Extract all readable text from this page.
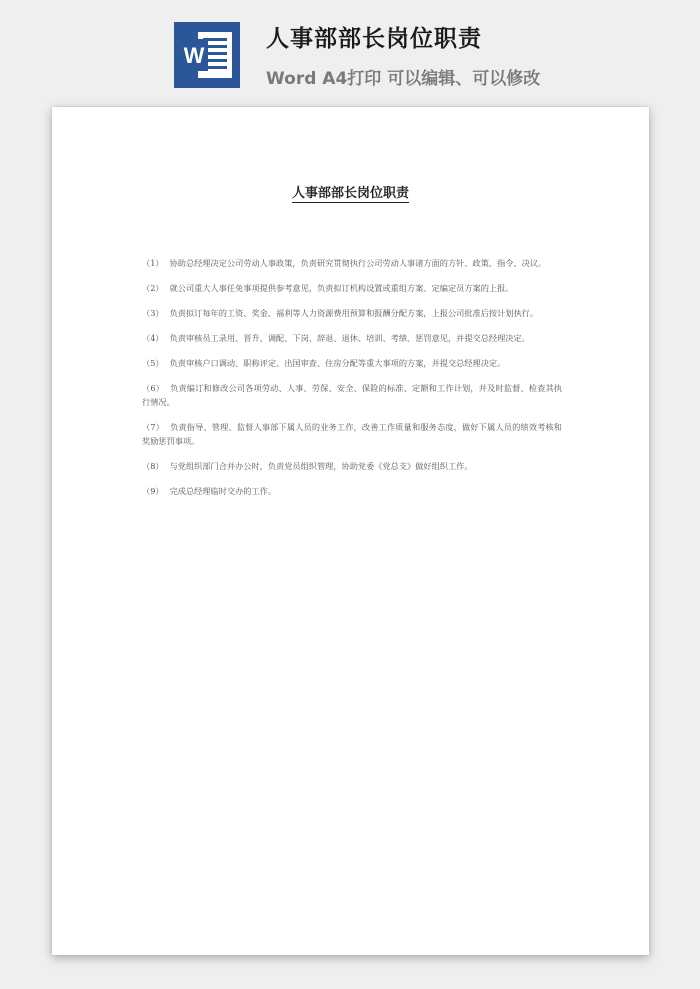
W
人事部部长岗位职责
Word A4打印 可以编辑、可以修改
人事部部长岗位职责
（1） 协助总经理决定公司劳动人事政策，负责研究贯彻执行公司劳动人事诸方面的方针、政策、指令、决议。
（2） 就公司重大人事任免事项提供参考意见，负责拟订机构设置或重组方案、定编定员方案的上报。
（3） 负责拟订每年的工资、奖金、福利等人力资源费用预算和报酬分配方案，上报公司批准后按计划执行。
（4） 负责审核员工录用、晋升、调配、下岗、辞退、退休、培训、考绩、惩罚意见，并提交总经理决定。
（5） 负责审核户口调动、职称评定、出国审查、住房分配等重大事项的方案，并提交总经理决定。
（6） 负责编订和修改公司各项劳动、人事、劳保、安全、保险的标准、定额和工作计划，并及时监督、检查其执行情况。
（7） 负责指导、管理、监督人事部下属人员的业务工作，改善工作质量和服务态度，做好下属人员的绩效考核和奖励惩罚事项。
（8） 与党组织部门合并办公时，负责党员组织管理，协助党委《党总支》做好组织工作。
（9） 完成总经理临时交办的工作。
